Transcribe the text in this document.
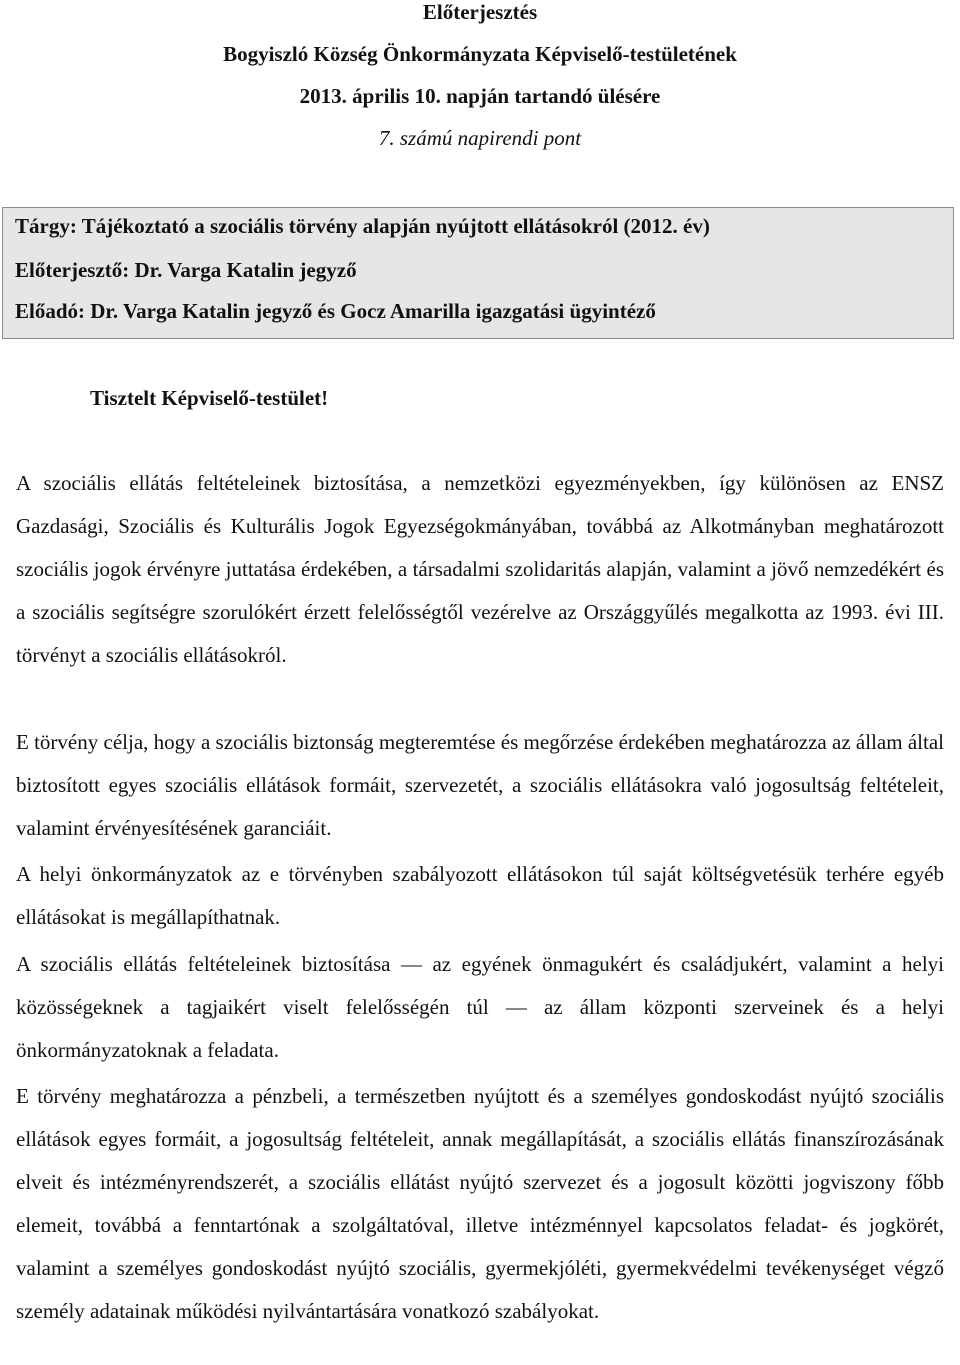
Előterjesztés
Bogyiszló Község Önkormányzata Képviselő-testületének
2013. április 10. napján tartandó ülésére
7. számú napirendi pont
Tárgy: Tájékoztató a szociális törvény alapján nyújtott ellátásokról (2012. év)
Előterjesztő: Dr. Varga Katalin jegyző
Előadó: Dr. Varga Katalin jegyző és Gocz Amarilla igazgatási ügyintéző
Tisztelt Képviselő-testület!

A szociális ellátás feltételeinek biztosítása, a nemzetközi egyezményekben, így különösen az ENSZ Gazdasági, Szociális és Kulturális Jogok Egyezségokmányában, továbbá az Alkotmányban meghatározott szociális jogok érvényre juttatása érdekében, a társadalmi szolidaritás alapján, valamint a jövő nemzedékért és a szociális segítségre szorulókért érzett felelősségtől vezérelve az Országgyűlés megalkotta az 1993. évi III. törvényt a szociális ellátásokról.

E törvény célja, hogy a szociális biztonság megteremtése és megőrzése érdekében meghatározza az állam által biztosított egyes szociális ellátások formáit, szervezetét, a szociális ellátásokra való jogosultság feltételeit, valamint érvényesítésének garanciáit.

A helyi önkormányzatok az e törvényben szabályozott ellátásokon túl saját költségvetésük terhére egyéb ellátásokat is megállapíthatnak.

A szociális ellátás feltételeinek biztosítása — az egyének önmagukért és családjukért, valamint a helyi közösségeknek a tagjaikért viselt felelősségén túl — az állam központi szerveinek és a helyi önkormányzatoknak a feladata.

E törvény meghatározza a pénzbeli, a természetben nyújtott és a személyes gondoskodást nyújtó szociális ellátások egyes formáit, a jogosultság feltételeit, annak megállapítását, a szociális ellátás finanszírozásának elveit és intézményrendszerét, a szociális ellátást nyújtó szervezet és a jogosult közötti jogviszony főbb elemeit, továbbá a fenntartónak a szolgáltatóval, illetve intézménnyel kapcsolatos feladat- és jogkörét, valamint a személyes gondoskodást nyújtó szociális, gyermekjóléti, gyermekvédelmi tevékenységet végző személy adatainak működési nyilvántartására vonatkozó szabályokat.
